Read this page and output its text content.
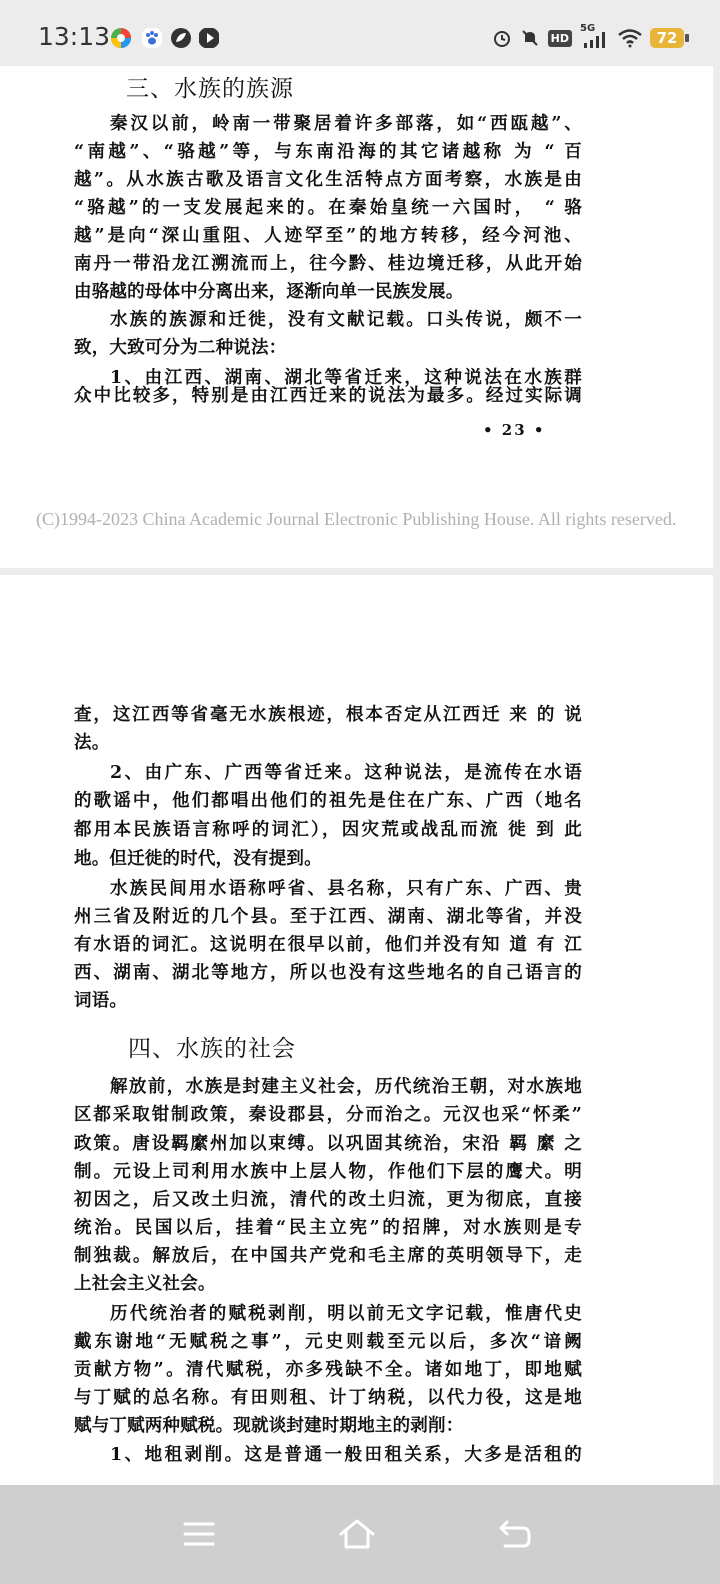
13:13	HD
5G
72
三、水族的族源
秦汉以前，岭南一带聚居着许多部落，如“西瓯越”、
“南越”、“骆越”等，与东南沿海的其它诸越称 为 “ 百
越”。从水族古歌及语言文化生活特点方面考察，水族是由
“骆越”的一支发展起来的。在秦始皇统一六国时， “ 骆
越”是向“深山重阻、人迹罕至”的地方转移，经今河池、
南丹一带沿龙江溯流而上，往今黔、桂边境迁移，从此开始
由骆越的母体中分离出来，逐渐向单一民族发展。
水族的族源和迁徙，没有文献记载。口头传说，颇不一
致，大致可分为二种说法：
1、由江西、湖南、湖北等省迁来，这种说法在水族群
众中比较多，特别是由江西迁来的说法为最多。经过实际调
• 23 •
(C)1994-2023 China Academic Journal Electronic Publishing House. All rights reserved.
查，这江西等省毫无水族根迹，根本否定从江西迁 来 的 说
法。
2、由广东、广西等省迁来。这种说法，是流传在水语
的歌谣中，他们都唱出他们的祖先是住在广东、广西（地名
都用本民族语言称呼的词汇），因灾荒或战乱而流 徙 到 此
地。但迁徙的时代，没有提到。
水族民间用水语称呼省、县名称，只有广东、广西、贵
州三省及附近的几个县。至于江西、湖南、湖北等省，并没
有水语的词汇。这说明在很早以前，他们并没有知 道 有 江
西、湖南、湖北等地方，所以也没有这些地名的自己语言的
词语。
四、水族的社会
解放前，水族是封建主义社会，历代统治王朝，对水族地
区都采取钳制政策，秦设郡县，分而治之。元汉也采“怀柔”
政策。唐设羁縻州加以束缚。以巩固其统治，宋沿 羁 縻 之
制。元设上司利用水族中上层人物，作他们下层的鹰犬。明
初因之，后又改土归流，清代的改土归流，更为彻底，直接
统治。民国以后，挂着“民主立宪”的招牌，对水族则是专
制独裁。解放后，在中国共产党和毛主席的英明领导下，走
上社会主义社会。
历代统治者的赋税剥削，明以前无文字记载，惟唐代史
戴东谢地“无赋税之事”，元史则载至元以后，多次“谙阙
贡献方物”。清代赋税，亦多残缺不全。诸如地丁，即地赋
与丁赋的总名称。有田则租、计丁纳税，以代力役，这是地
赋与丁赋两种赋税。现就谈封建时期地主的剥削：
1、地租剥削。这是普通一般田租关系，大多是活租的
